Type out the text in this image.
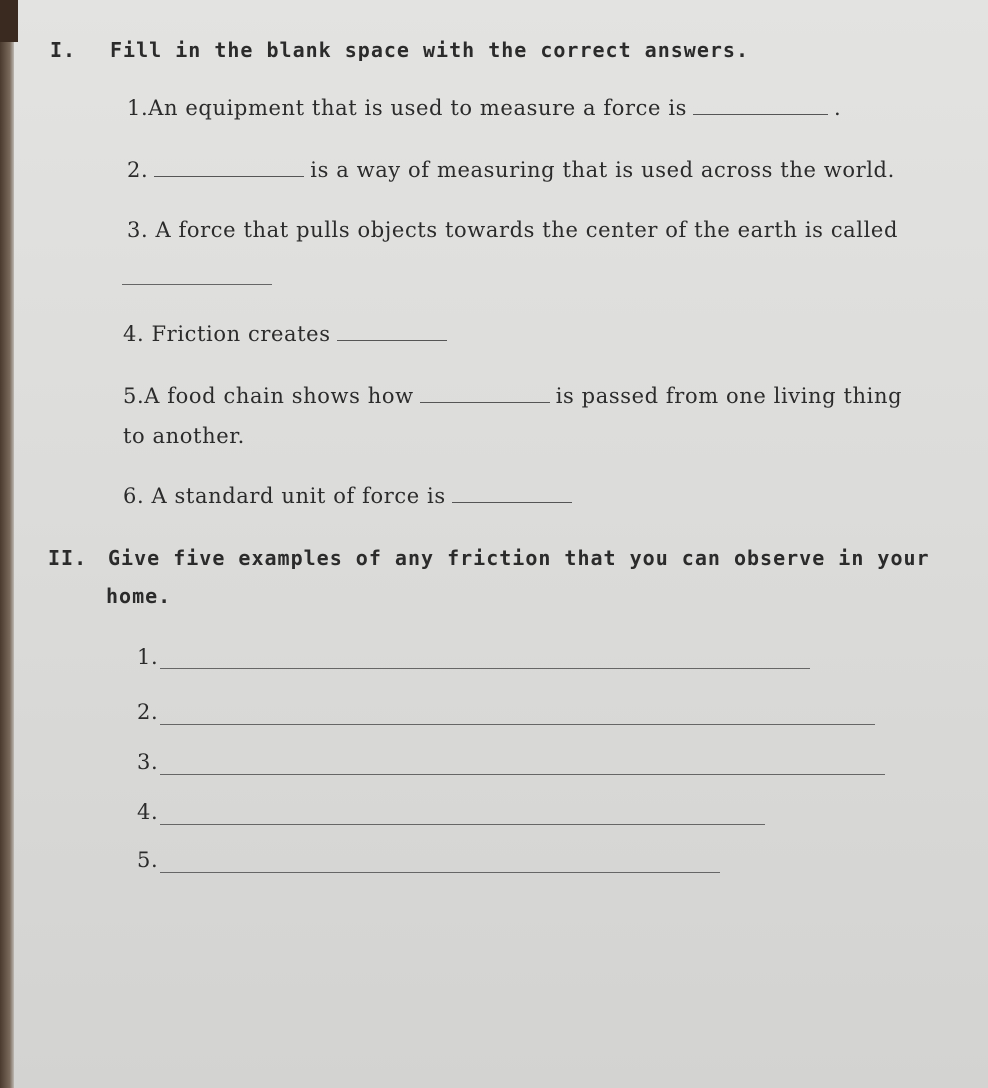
I. Fill in the blank space with the correct answers.
1.An equipment that is used to measure a force is	.
2.	is a way of measuring that is used across the world.
3. A force that pulls objects towards the center of the earth is called
4. Friction creates
5.A food chain shows how	is passed from one living thing
to another.
6. A standard unit of force is
II. Give five examples of any friction that you can observe in your
home.
1.
2.
3.
4.
5.
